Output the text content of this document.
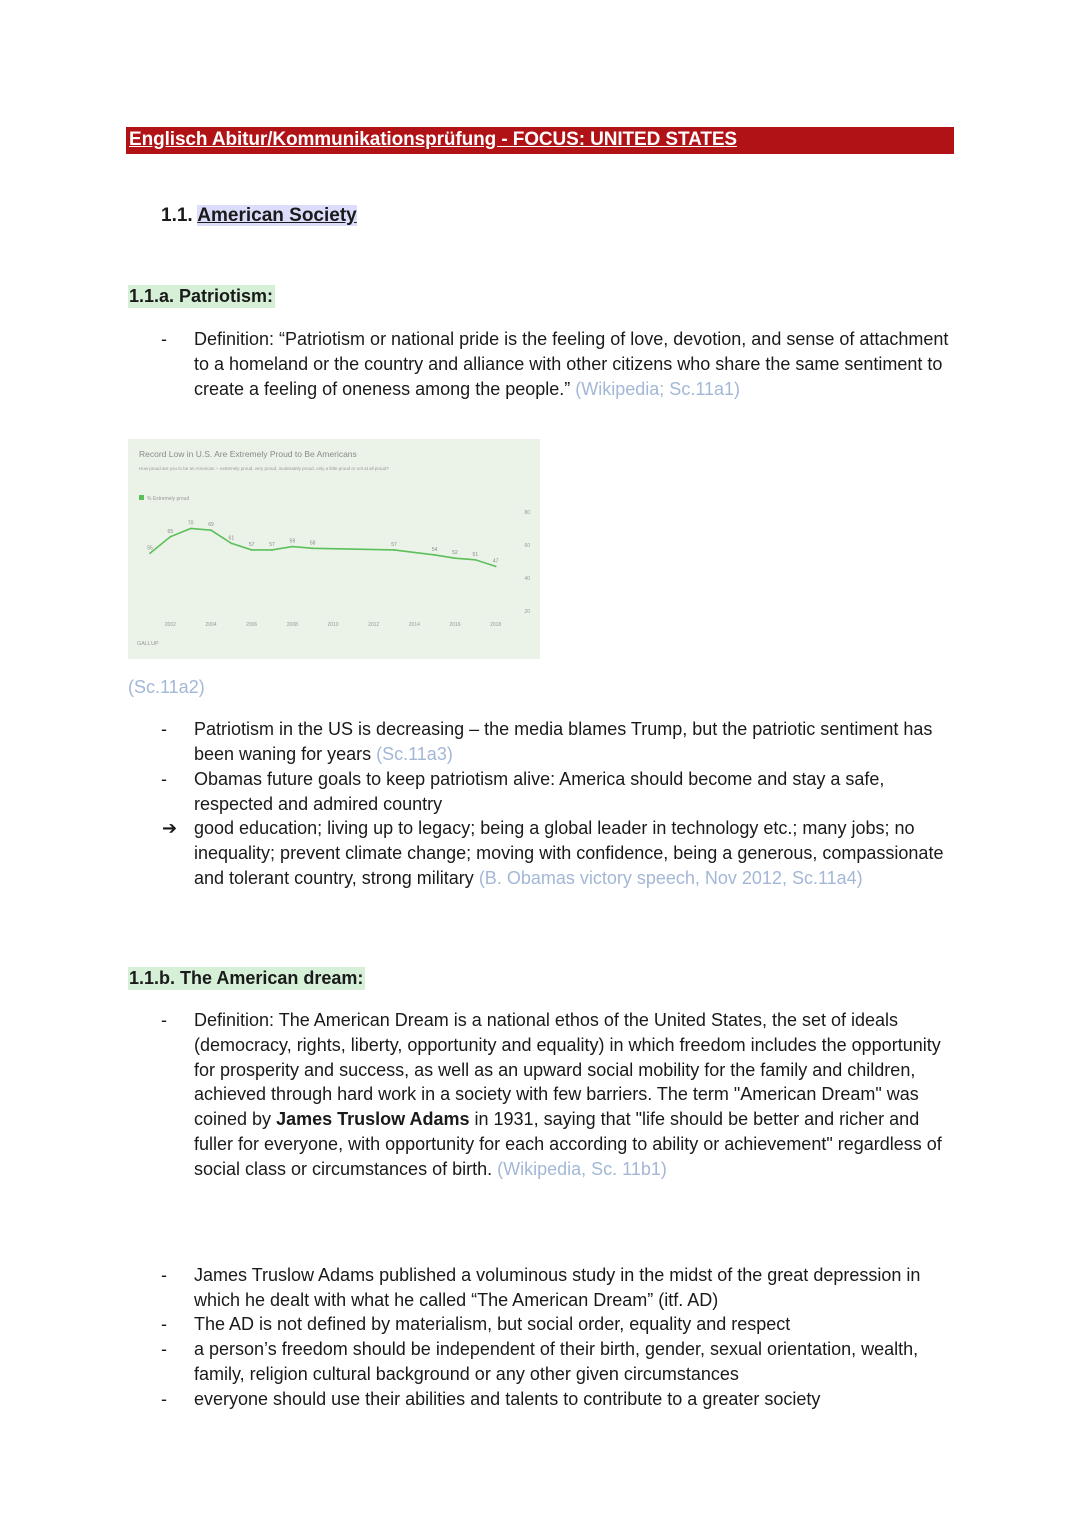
Englisch Abitur/Kommunikationsprüfung - FOCUS: UNITED STATES
1.1. American Society
1.1.a. Patriotism:
- Definition: “Patriotism or national pride is the feeling of love, devotion, and sense of attachment to a homeland or the country and alliance with other citizens who share the same sentiment to create a feeling of oneness among the people.” (Wikipedia; Sc.11a1)
Record Low in U.S. Are Extremely Proud to Be Americans
How proud are you to be an American -- extremely proud, very proud, moderately proud, only a little proud or not at all proud?
% Extremely proud
2002	2004	2006	2008	2010	2012	2014	2016	2018
80
60
40
20
55
65
70	69
61
57	57
59	58	57
54
52	51
47
GALLUP
(Sc.11a2)
- Patriotism in the US is decreasing – the media blames Trump, but the patriotic sentiment has been waning for years (Sc.11a3)
- Obamas future goals to keep patriotism alive: America should become and stay a safe, respected and admired country
➔ good education; living up to legacy; being a global leader in technology etc.; many jobs; no inequality; prevent climate change; moving with confidence, being a generous, compassionate and tolerant country, strong military (B. Obamas victory speech, Nov 2012, Sc.11a4)
1.1.b. The American dream:
- Definition: The American Dream is a national ethos of the United States, the set of ideals (democracy, rights, liberty, opportunity and equality) in which freedom includes the opportunity for prosperity and success, as well as an upward social mobility for the family and children, achieved through hard work in a society with few barriers. The term "American Dream" was coined by James Truslow Adams in 1931, saying that "life should be better and richer and fuller for everyone, with opportunity for each according to ability or achievement" regardless of social class or circumstances of birth. (Wikipedia, Sc. 11b1)
- James Truslow Adams published a voluminous study in the midst of the great depression in which he dealt with what he called “The American Dream” (itf. AD)
- The AD is not defined by materialism, but social order, equality and respect
- a person’s freedom should be independent of their birth, gender, sexual orientation, wealth, family, religion cultural background or any other given circumstances
- everyone should use their abilities and talents to contribute to a greater society
